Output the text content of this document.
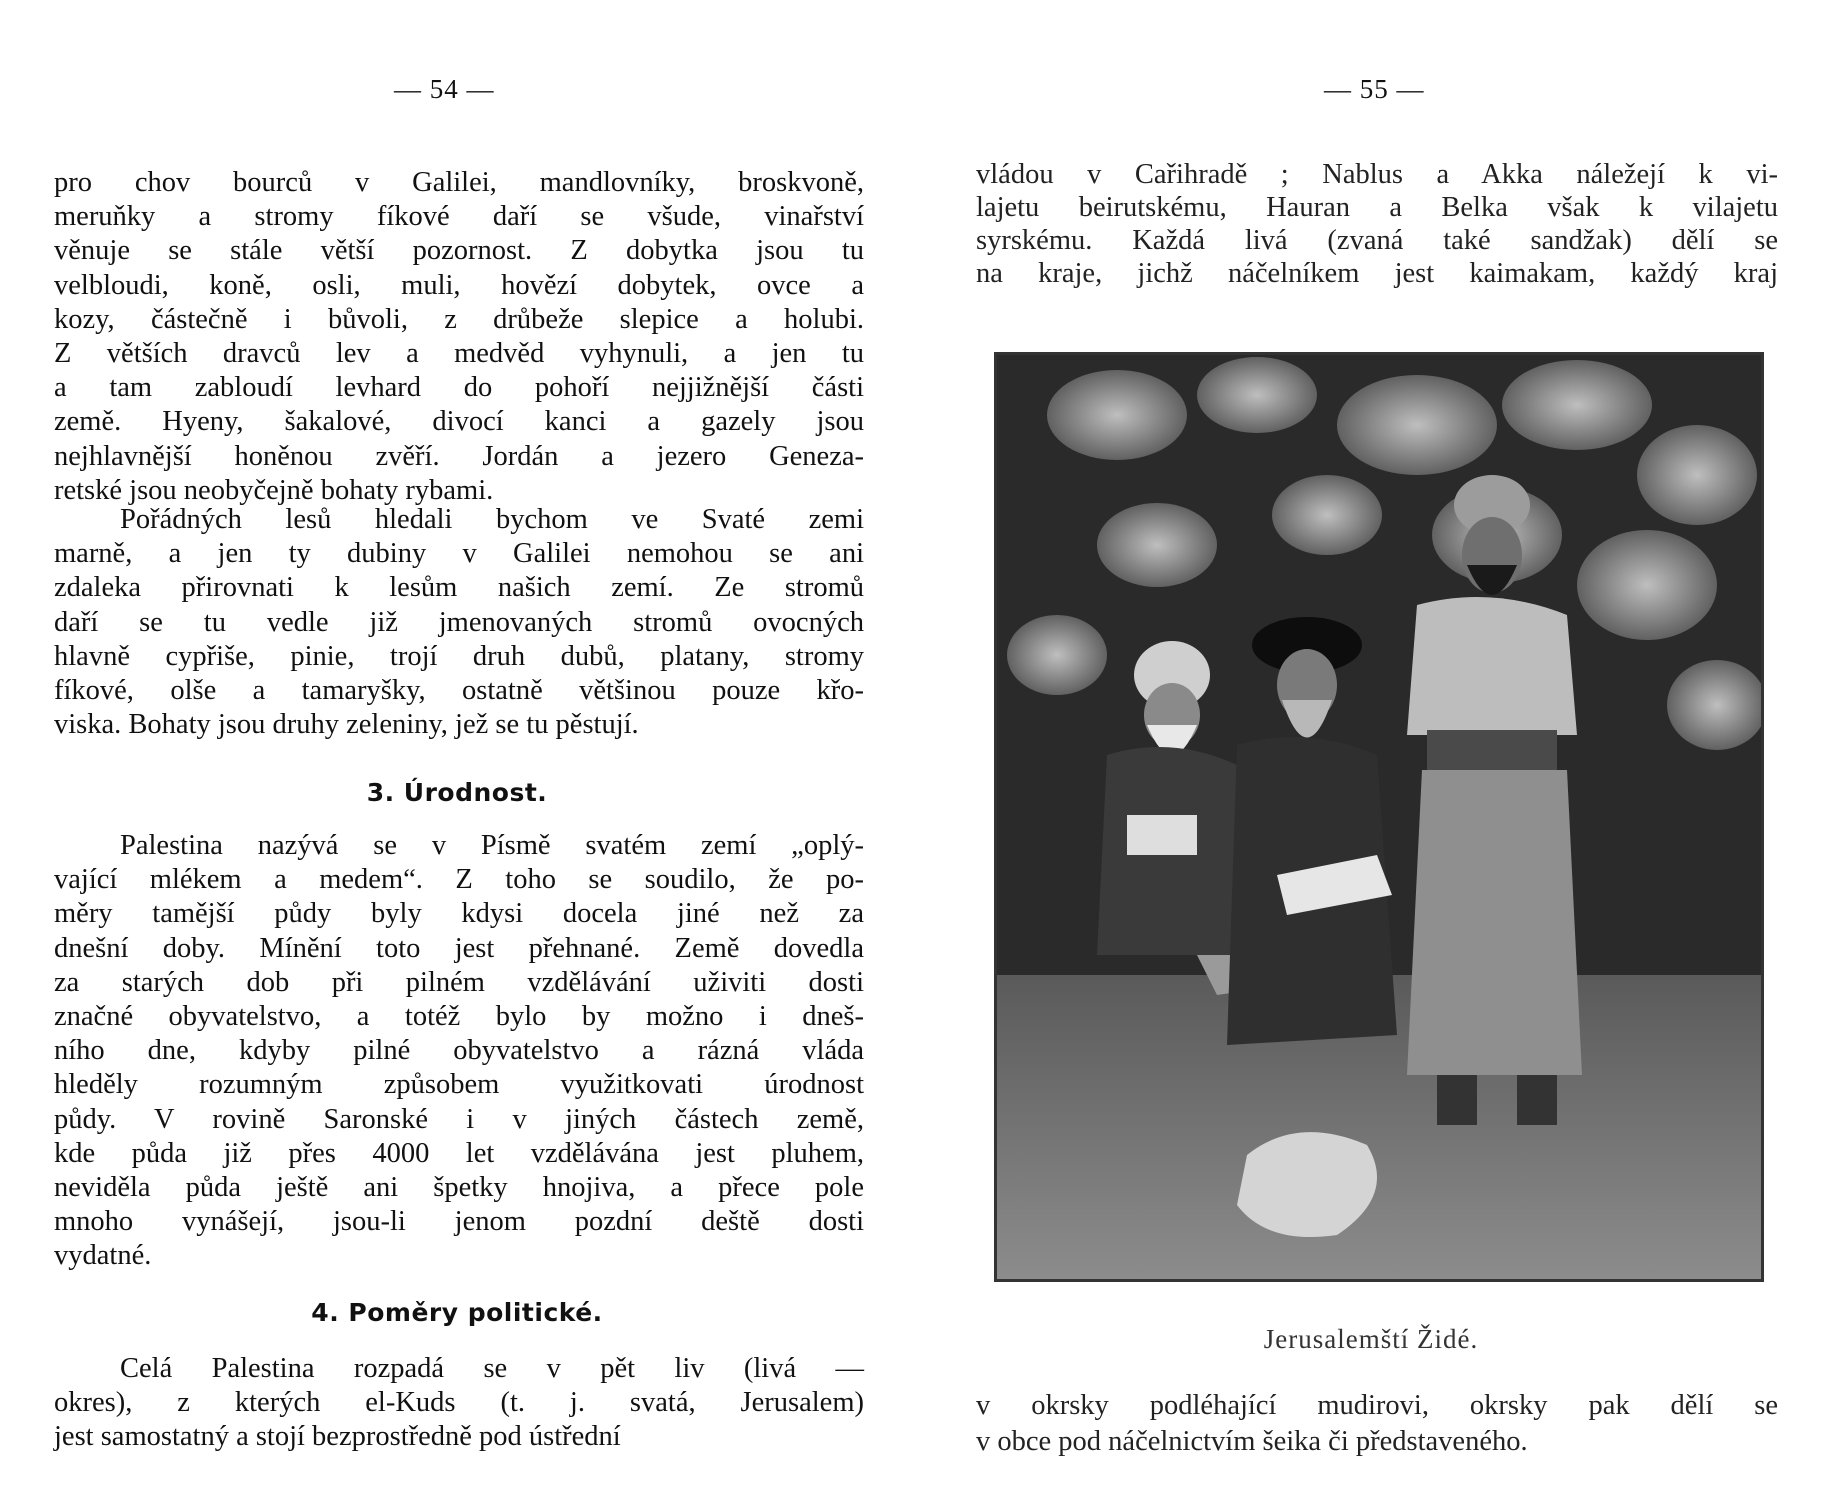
— 54 —
pro chov bourců v Galilei, mandlovníky, broskvoně,
meruňky a stromy fíkové daří se všude, vinařství
věnuje se stále větší pozornost. Z dobytka jsou tu
velbloudi, koně, osli, muli, hovězí dobytek, ovce a
kozy, částečně i bůvoli, z drůbeže slepice a holubi.
Z větších dravců lev a medvěd vyhynuli, a jen tu
a tam zabloudí levhard do pohoří nejjižnější části
země. Hyeny, šakalové, divocí kanci a gazely jsou
nejhlavnější honěnou zvěří. Jordán a jezero Geneza-
retské jsou neobyčejně bohaty rybami.
Pořádných lesů hledali bychom ve Svaté zemi
marně, a jen ty dubiny v Galilei nemohou se ani
zdaleka přirovnati k lesům našich zemí. Ze stromů
daří se tu vedle již jmenovaných stromů ovocných
hlavně cypřiše, pinie, trojí druh dubů, platany, stromy
fíkové, olše a tamaryšky, ostatně většinou pouze křo-
viska. Bohaty jsou druhy zeleniny, jež se tu pěstují.
3. Úrodnost.
Palestina nazývá se v Písmě svatém zemí „oplý-
vající mlékem a medem“. Z toho se soudilo, že po-
měry tamější půdy byly kdysi docela jiné než za
dnešní doby. Mínění toto jest přehnané. Země dovedla
za starých dob při pilném vzdělávání uživiti dosti
značné obyvatelstvo, a totéž bylo by možno i dneš-
ního dne, kdyby pilné obyvatelstvo a rázná vláda
hleděly rozumným způsobem využitkovati úrodnost
půdy. V rovině Saronské i v jiných částech země,
kde půda již přes 4000 let vzdělávána jest pluhem,
neviděla půda ještě ani špetky hnojiva, a přece pole
mnoho vynášejí, jsou-li jenom pozdní deště dosti
vydatné.
4. Poměry politické.
Celá Palestina rozpadá se v pět liv (livá —
okres), z kterých el-Kuds (t. j. svatá, Jerusalem)
jest samostatný a stojí bezprostředně pod ústřední
— 55 —
vládou v Cařihradě ; Nablus a Akka náležejí k vi-
lajetu beirutskému, Hauran a Belka však k vilajetu
syrskému. Každá livá (zvaná také sandžak) dělí se
na kraje, jichž náčelníkem jest kaimakam, každý kraj
Jerusalemští Židé.
v okrsky podléhající mudirovi, okrsky pak dělí se
v obce pod náčelnictvím šeika či představeného.
